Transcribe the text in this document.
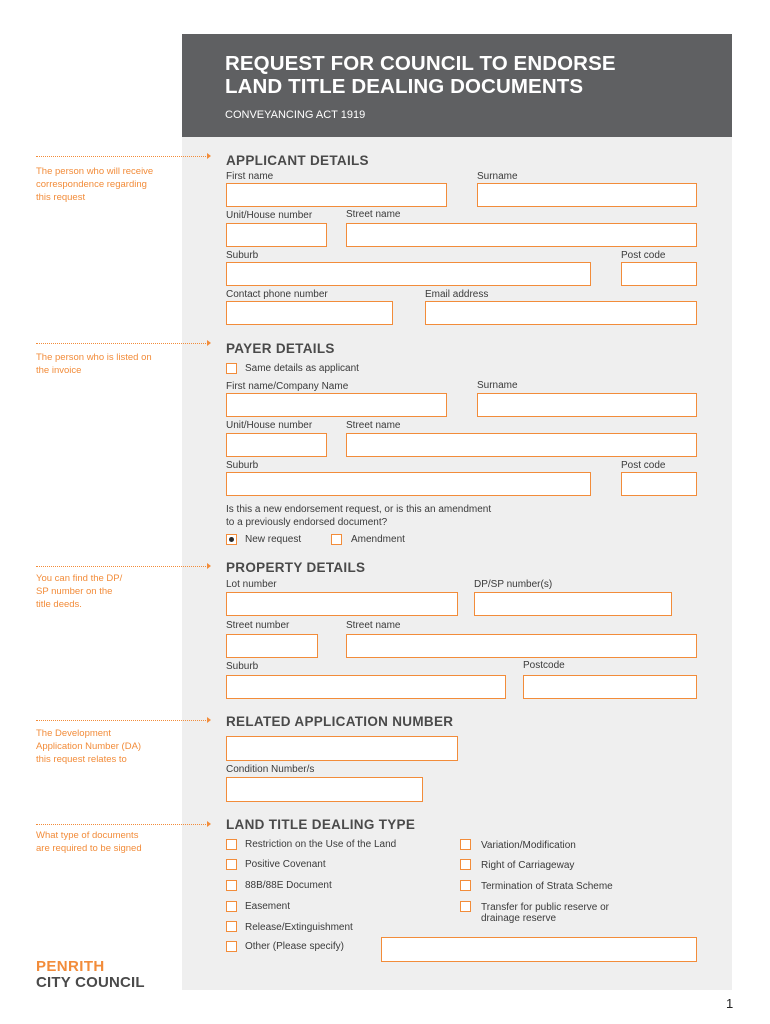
REQUEST FOR COUNCIL TO ENDORSE
LAND TITLE DEALING DOCUMENTS
CONVEYANCING ACT 1919
The person who will receive
correspondence regarding
this request
The person who is listed on
the invoice
You can find the DP/
SP number on the
title deeds.
The Development
Application Number (DA)
this request relates to
What type of documents
are required to be signed
APPLICANT DETAILS
First name	Surname
Unit/House number	Street name
Suburb	Post code
Contact phone number	Email address
PAYER DETAILS
Same details as applicant
First name/Company Name	Surname
Unit/House number	Street name
Suburb	Post code
Is this a new endorsement request, or is this an amendment
to a previously endorsed document?
New request	Amendment
PROPERTY DETAILS
Lot number	DP/SP number(s)
Street number	Street name
Suburb	Postcode
RELATED APPLICATION NUMBER
Condition Number/s
LAND TITLE DEALING TYPE
Restriction on the Use of the Land
Positive Covenant
88B/88E Document
Easement
Release/Extinguishment
Other (Please specify)
Variation/Modification
Right of Carriageway
Termination of Strata Scheme
Transfer for public reserve or
drainage reserve
PENRITH
CITY COUNCIL
1
